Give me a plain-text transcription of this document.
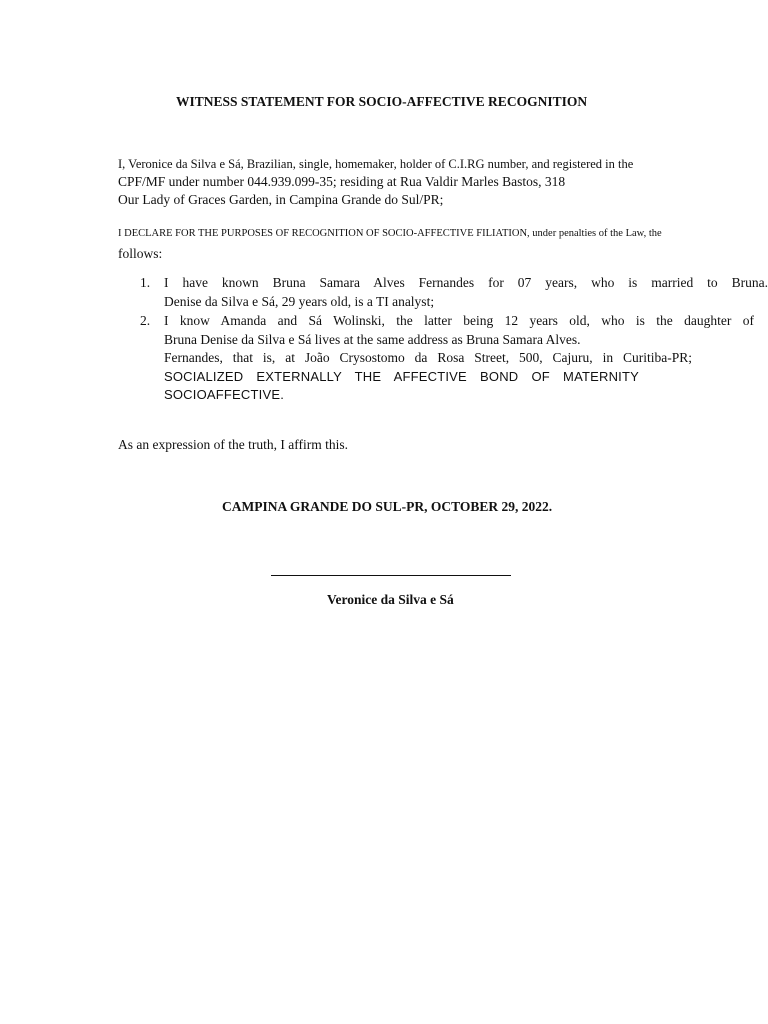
WITNESS STATEMENT FOR SOCIO-AFFECTIVE RECOGNITION
I, Veronice da Silva e Sá, Brazilian, single, homemaker, holder of C.I.RG number, and registered in the
CPF/MF under number 044.939.099-35; residing at Rua Valdir Marles Bastos, 318
Our Lady of Graces Garden, in Campina Grande do Sul/PR;
I DECLARE FOR THE PURPOSES OF RECOGNITION OF SOCIO-AFFECTIVE FILIATION, under penalties of the Law, the
follows:
1. I have known Bruna Samara Alves Fernandes for 07 years, who is married to Bruna.
Denise da Silva e Sá, 29 years old, is a TI analyst;
2. I know Amanda and Sá Wolinski, the latter being 12 years old, who is the daughter of
Bruna Denise da Silva e Sá lives at the same address as Bruna Samara Alves.
Fernandes, that is, at João Crysostomo da Rosa Street, 500, Cajuru, in Curitiba-PR;
SOCIALIZED EXTERNALLY THE AFFECTIVE BOND OF MATERNITY
SOCIOAFFECTIVE.
As an expression of the truth, I affirm this.
CAMPINA GRANDE DO SUL-PR, OCTOBER 29, 2022.
Veronice da Silva e Sá
